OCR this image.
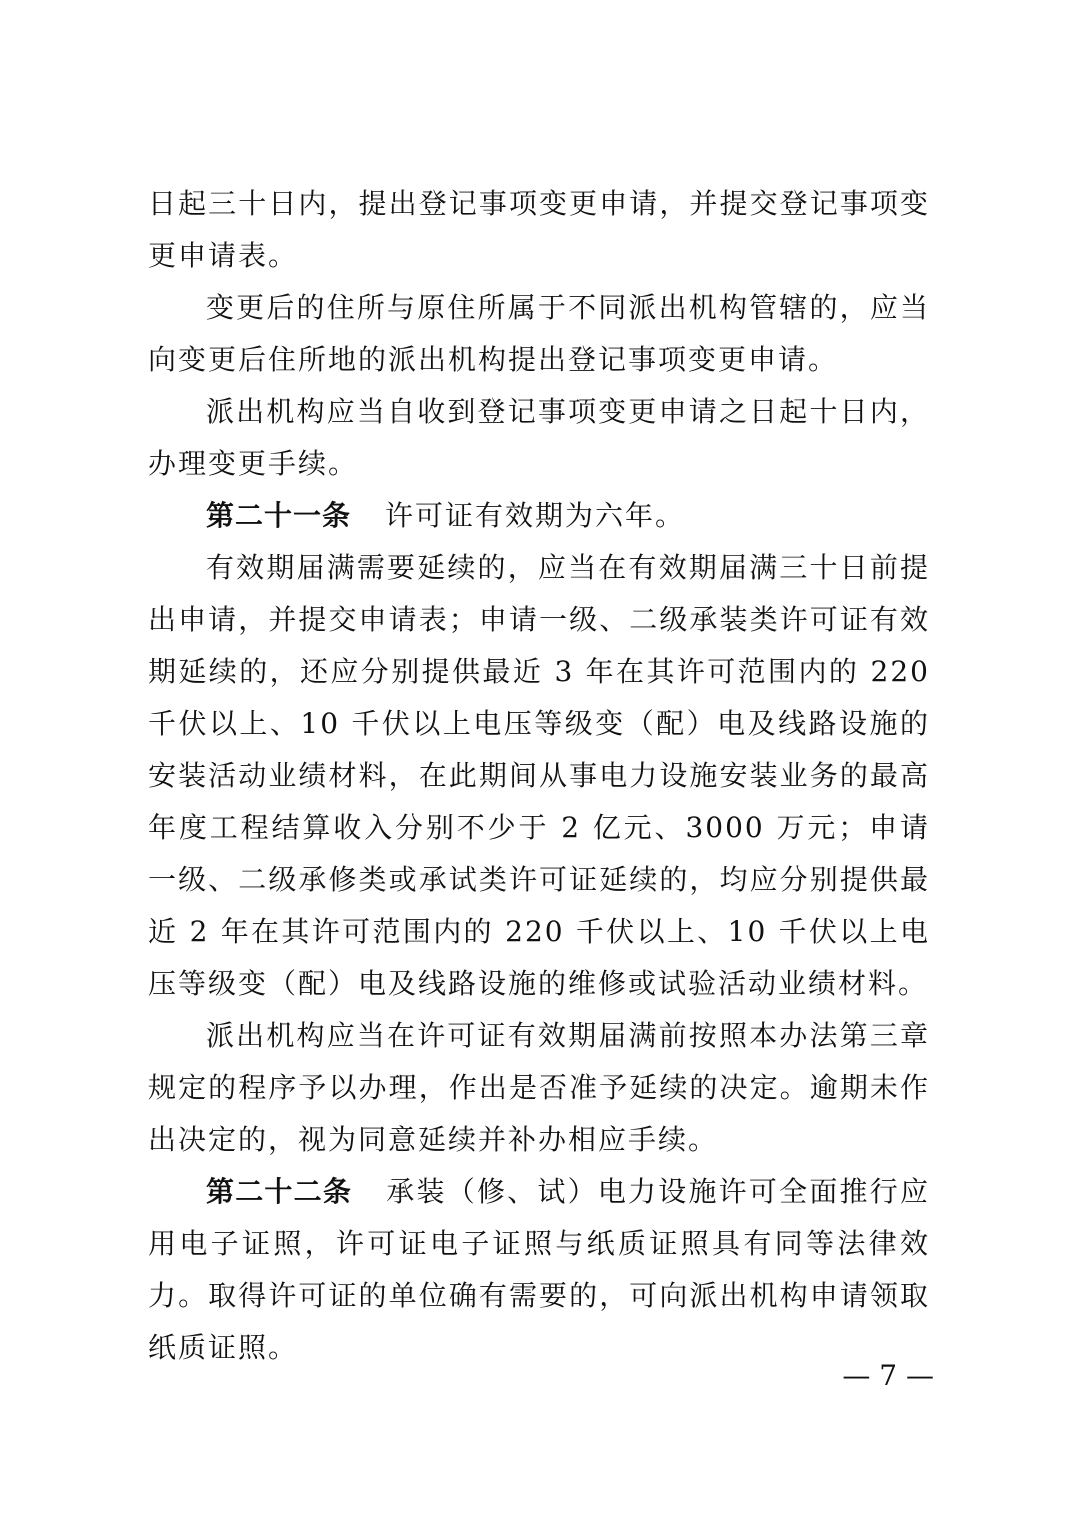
日起三十日内，提出登记事项变更申请，并提交登记事项变更申请表。

变更后的住所与原住所属于不同派出机构管辖的，应当向变更后住所地的派出机构提出登记事项变更申请。

派出机构应当自收到登记事项变更申请之日起十日内，办理变更手续。

第二十一条 许可证有效期为六年。

有效期届满需要延续的，应当在有效期届满三十日前提出申请，并提交申请表；申请一级、二级承装类许可证有效期延续的，还应分别提供最近 3 年在其许可范围内的 220 千伏以上、10 千伏以上电压等级变（配）电及线路设施的安装活动业绩材料，在此期间从事电力设施安装业务的最高年度工程结算收入分别不少于 2 亿元、3000 万元；申请一级、二级承修类或承试类许可证延续的，均应分别提供最近 2 年在其许可范围内的 220 千伏以上、10 千伏以上电压等级变（配）电及线路设施的维修或试验活动业绩材料。

派出机构应当在许可证有效期届满前按照本办法第三章规定的程序予以办理，作出是否准予延续的决定。逾期未作出决定的，视为同意延续并补办相应手续。

第二十二条 承装（修、试）电力设施许可全面推行应用电子证照，许可证电子证照与纸质证照具有同等法律效力。取得许可证的单位确有需要的，可向派出机构申请领取纸质证照。

— 7 —
